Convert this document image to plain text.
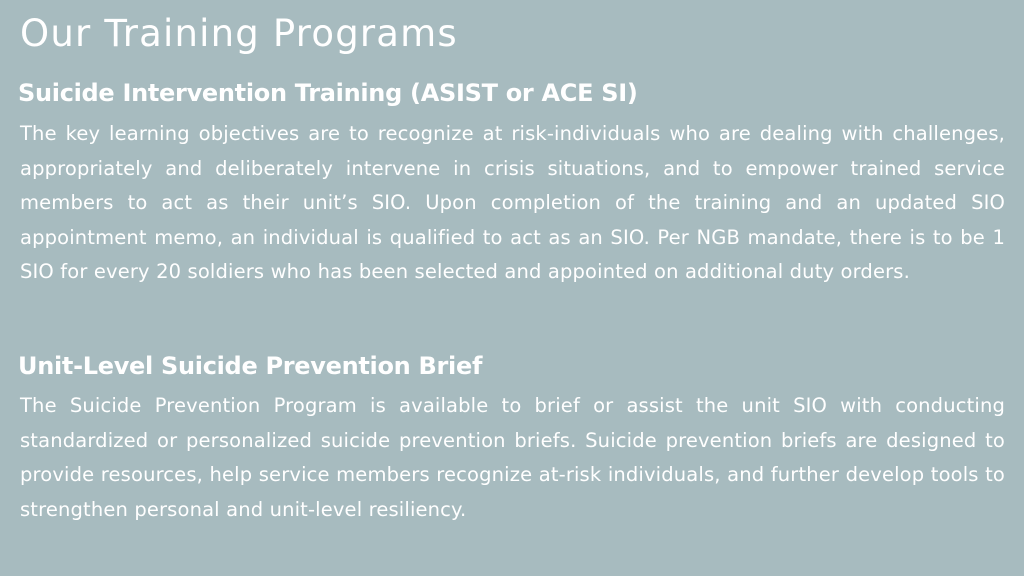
Our Training Programs
Suicide Intervention Training (ASIST or ACE SI)

The key learning objectives are to recognize at risk-individuals who are dealing with challenges, appropriately and deliberately intervene in crisis situations, and to empower trained service members to act as their unit’s SIO. Upon completion of the training and an updated SIO appointment memo, an individual is qualified to act as an SIO. Per NGB mandate, there is to be 1 SIO for every 20 soldiers who has been selected and appointed on additional duty orders.

Unit-Level Suicide Prevention Brief

The Suicide Prevention Program is available to brief or assist the unit SIO with conducting standardized or personalized suicide prevention briefs. Suicide prevention briefs are designed to provide resources, help service members recognize at-risk individuals, and further develop tools to strengthen personal and unit-level resiliency.
